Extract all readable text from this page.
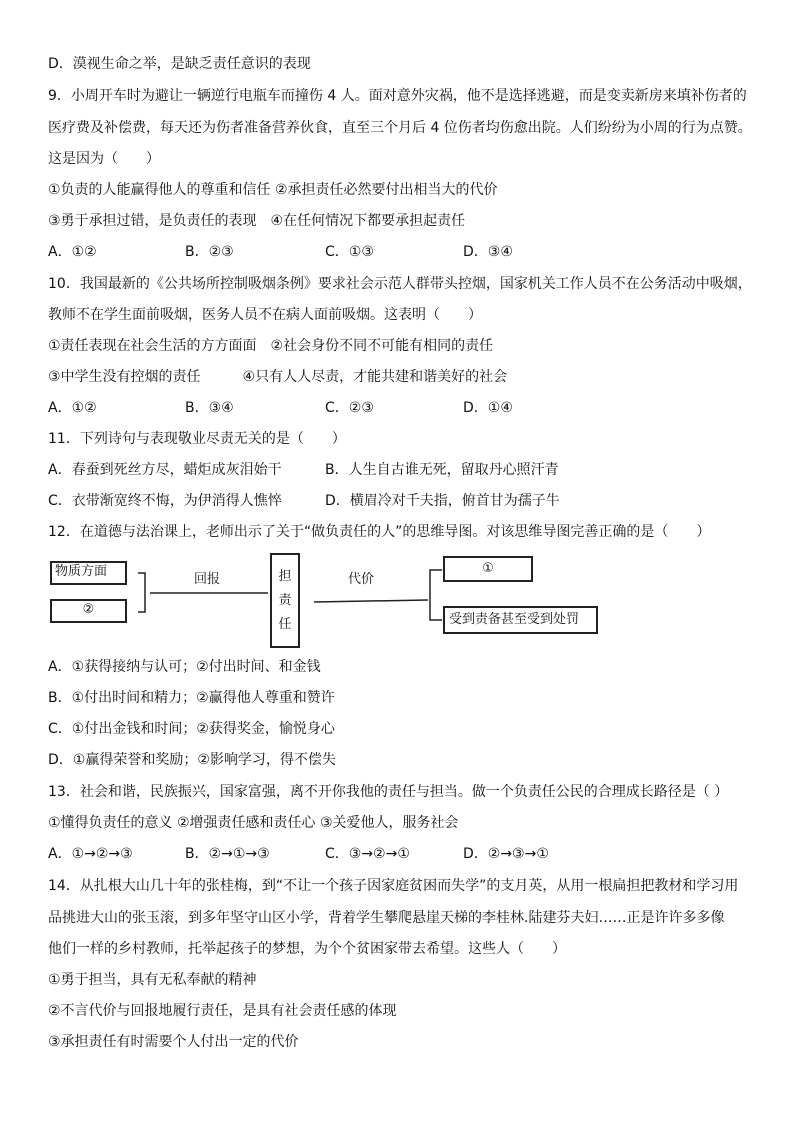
D．漠视生命之举，是缺乏责任意识的表现
9．小周开车时为避让一辆逆行电瓶车而撞伤 4 人。面对意外灾祸，他不是选择逃避，而是变卖新房来填补伤者的
医疗费及补偿费，每天还为伤者准备营养伙食，直至三个月后 4 位伤者均伤愈出院。人们纷纷为小周的行为点赞。
这是因为（　　）
①负责的人能赢得他人的尊重和信任 ②承担责任必然要付出相当大的代价
③勇于承担过错，是负责任的表现　④在任何情况下都要承担起责任
A．①②	B．②③	C．①③	D．③④
10．我国最新的《公共场所控制吸烟条例》要求社会示范人群带头控烟，国家机关工作人员不在公务活动中吸烟，
教师不在学生面前吸烟，医务人员不在病人面前吸烟。这表明（　　）
①责任表现在社会生活的方方面面　②社会身份不同不可能有相同的责任
③中学生没有控烟的责任　　　④只有人人尽责，才能共建和谐美好的社会
A．①②	B．③④	C．②③	D．①④
11．下列诗句与表现敬业尽责无关的是（　　）
A．春蚕到死丝方尽，蜡炬成灰泪始干	B．人生自古谁无死，留取丹心照汗青
C．衣带渐宽终不悔，为伊消得人憔悴	D．横眉冷对千夫指，俯首甘为孺子牛
12．在道德与法治课上，老师出示了关于“做负责任的人”的思维导图。对该思维导图完善正确的是（　　）
物质方面
②
回报	担
责
任
代价
①
受到责备甚至受到处罚
A．①获得接纳与认可；②付出时间、和金钱
B．①付出时间和精力；②赢得他人尊重和赞许
C．①付出金钱和时间；②获得奖金，愉悦身心
D．①赢得荣誉和奖励；②影响学习，得不偿失
13．社会和谐，民族振兴，国家富强，离不开你我他的责任与担当。做一个负责任公民的合理成长路径是（ ）
①懂得负责任的意义 ②增强责任感和责任心 ③关爱他人，服务社会
A．①→②→③	B．②→①→③	C．③→②→①	D．②→③→①
14．从扎根大山几十年的张桂梅，到“不让一个孩子因家庭贫困而失学”的支月英，从用一根扁担把教材和学习用
品挑进大山的张玉滚，到多年坚守山区小学，背着学生攀爬悬崖天梯的李桂林.陆建芬夫妇……正是许许多多像
他们一样的乡村教师，托举起孩子的梦想，为个个贫困家带去希望。这些人（　　）
①勇于担当，具有无私奉献的精神
②不言代价与回报地履行责任，是具有社会责任感的体现
③承担责任有时需要个人付出一定的代价
